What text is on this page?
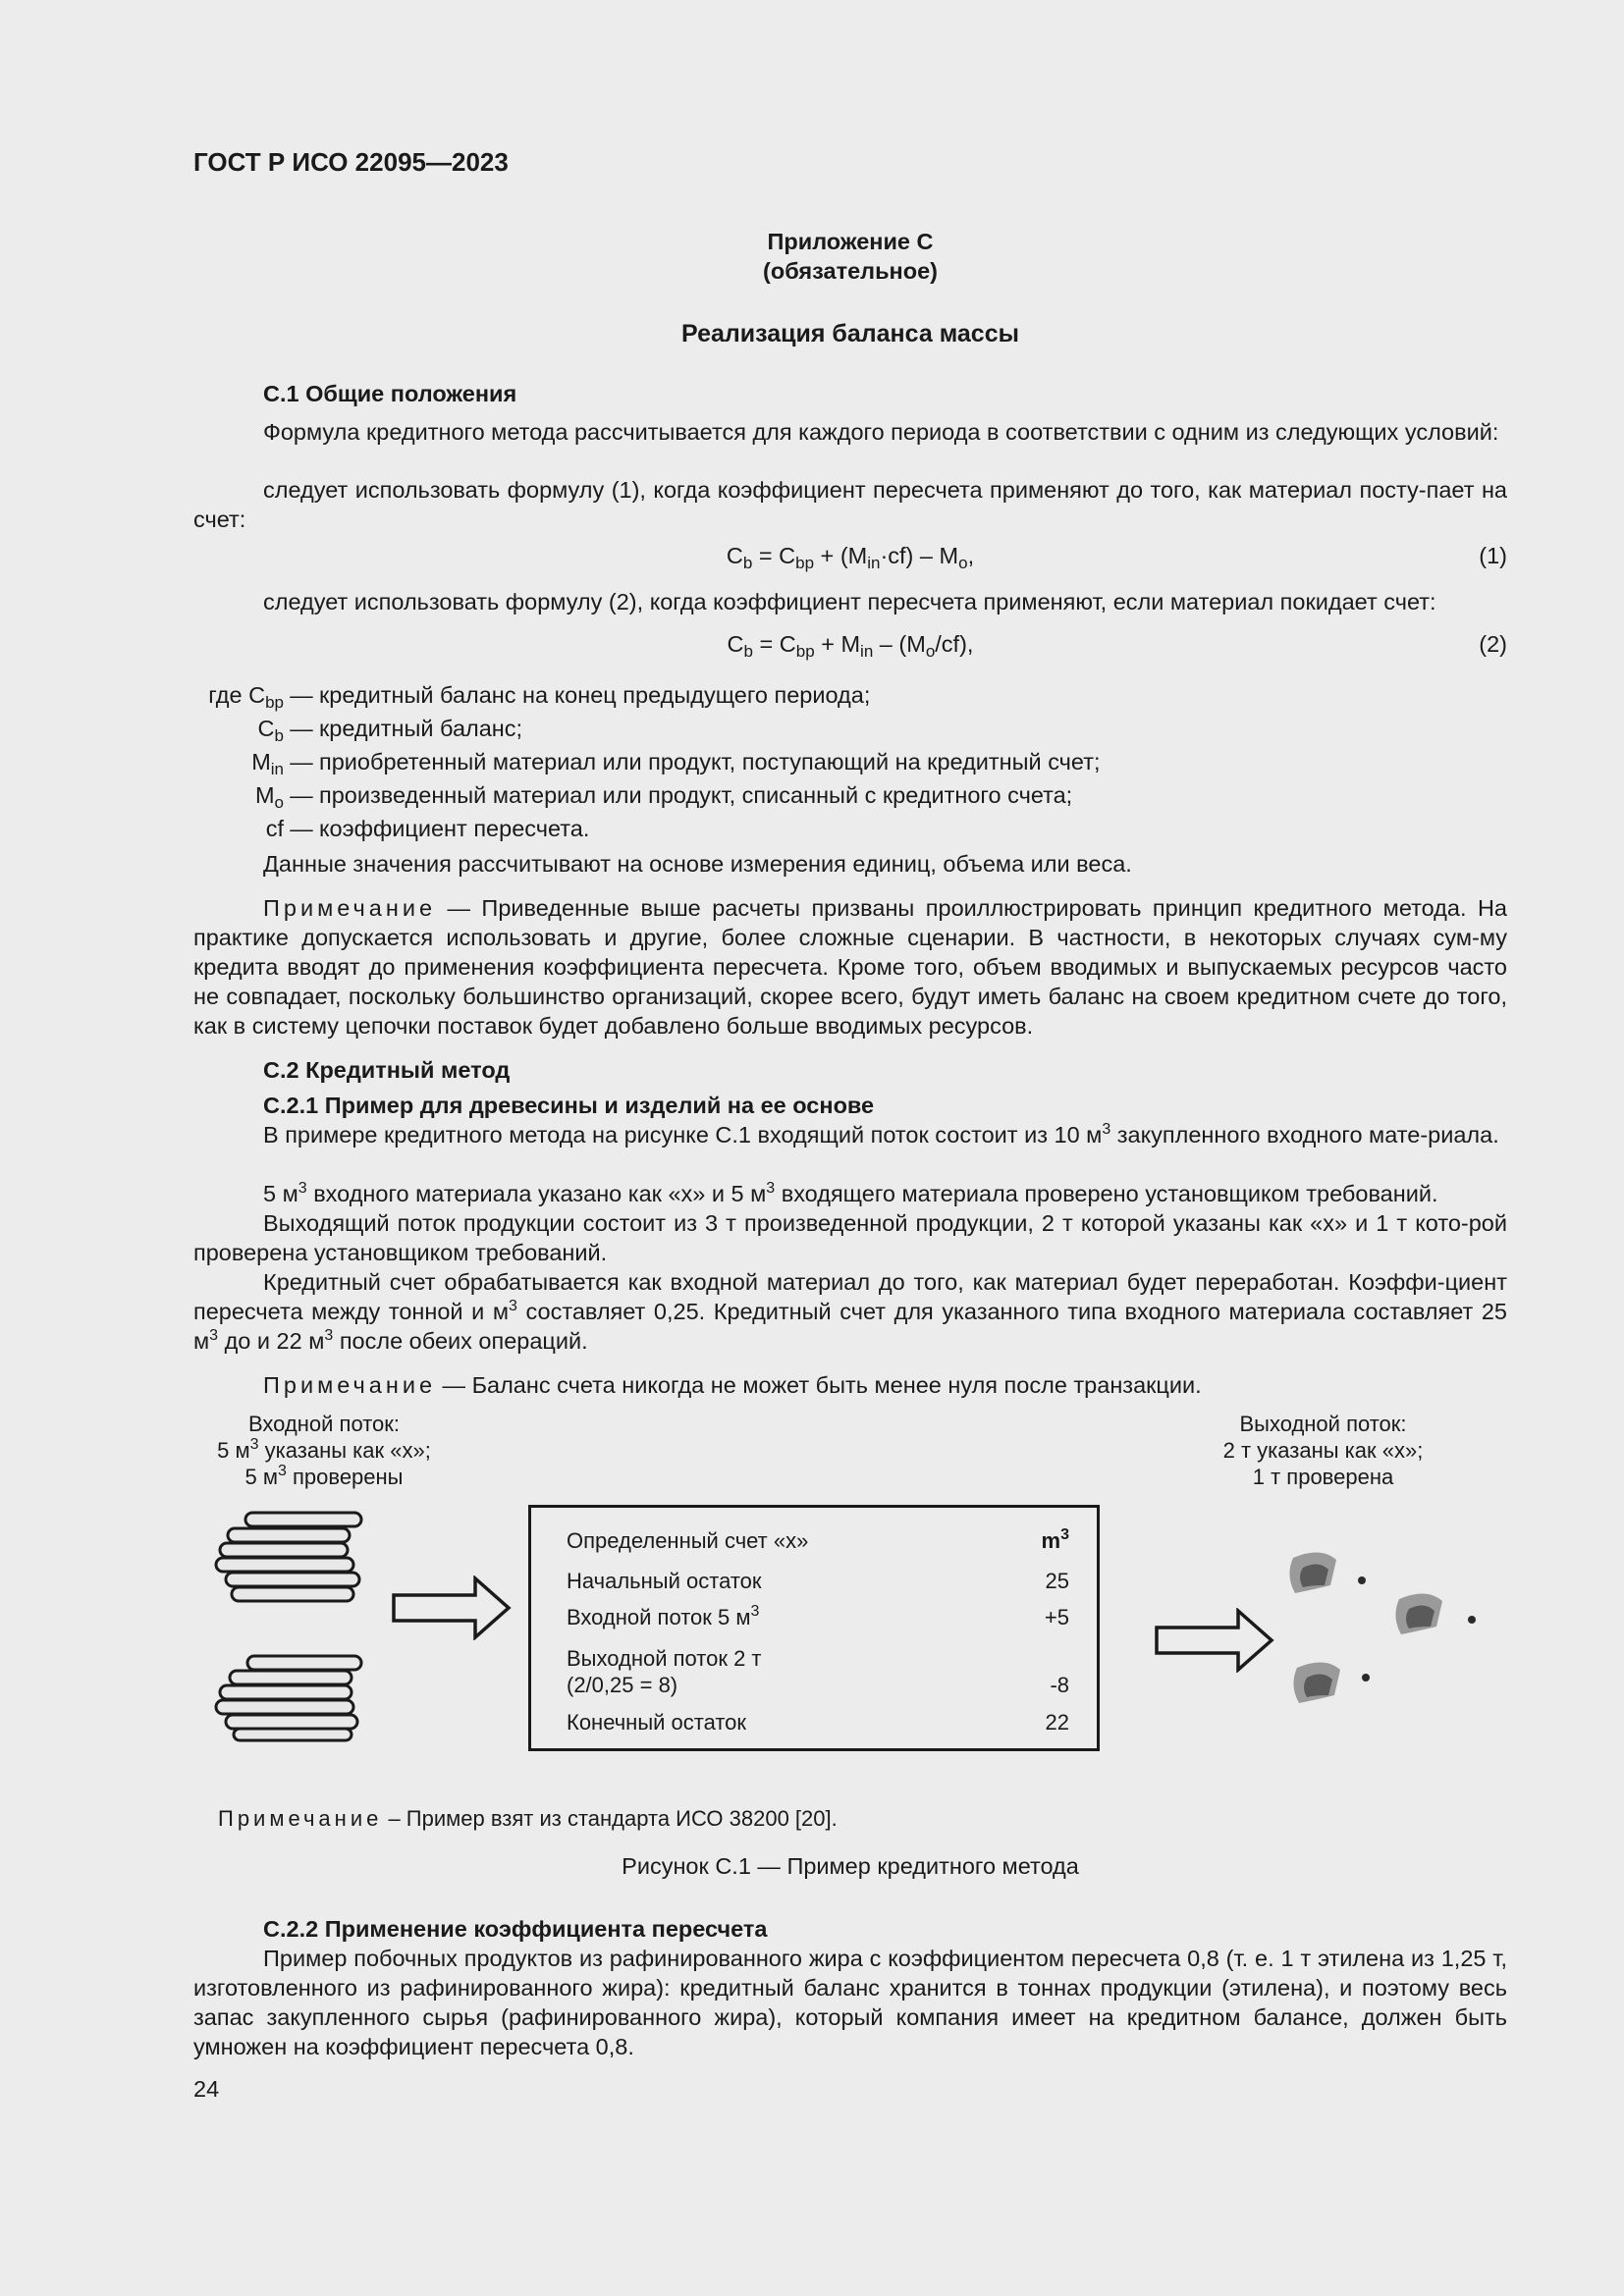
ГОСТ Р ИСО 22095—2023
Приложение С
(обязательное)
Реализация баланса массы
С.1 Общие положения
Формула кредитного метода рассчитывается для каждого периода в соответствии с одним из следующих условий:
следует использовать формулу (1), когда коэффициент пересчета применяют до того, как материал посту-пает на счет:
$C_b = C_{bp} + (M_{in}\cdot cf) - M_o$,	(1)
следует использовать формулу (2), когда коэффициент пересчета применяют, если материал покидает счет:
$C_b = C_{bp} + M_{in} - (M_o/cf)$,	(2)
где $C_{bp}$ — кредитный баланс на конец предыдущего периода;
$C_b$ — кредитный баланс;
$M_{in}$ — приобретенный материал или продукт, поступающий на кредитный счет;
$M_o$ — произведенный материал или продукт, списанный с кредитного счета;
cf — коэффициент пересчета.
Данные значения рассчитывают на основе измерения единиц, объема или веса.
Примечание — Приведенные выше расчеты призваны проиллюстрировать принцип кредитного метода. На практике допускается использовать и другие, более сложные сценарии. В частности, в некоторых случаях сум-му кредита вводят до применения коэффициента пересчета. Кроме того, объем вводимых и выпускаемых ресурсов часто не совпадает, поскольку большинство организаций, скорее всего, будут иметь баланс на своем кредитном счете до того, как в систему цепочки поставок будет добавлено больше вводимых ресурсов.
С.2 Кредитный метод
С.2.1 Пример для древесины и изделий на ее основе
В примере кредитного метода на рисунке С.1 входящий поток состоит из 10 $м^3$ закупленного входного мате-риала.
5 $м^3$ входного материала указано как «х» и 5 $м^3$ входящего материала проверено установщиком требований.
Выходящий поток продукции состоит из 3 т произведенной продукции, 2 т которой указаны как «х» и 1 т кото-рой проверена установщиком требований.
Кредитный счет обрабатывается как входной материал до того, как материал будет переработан. Коэффи-циент пересчета между тонной и $м^3$ составляет 0,25. Кредитный счет для указанного типа входного материала составляет 25 $м^3$ до и 22 $м^3$ после обеих операций.
Примечание — Баланс счета никогда не может быть менее нуля после транзакции.
Входной поток:
5 $м^3$ указаны как «х»;
5 $м^3$ проверены
Выходной поток:
2 т указаны как «х»;
1 т проверена
Определенный счет «х»	$m^3$
Начальный остаток	25
Входной поток 5 $м^3$	+5
Выходной поток 2 т
(2/0,25 = 8)	-8
Конечный остаток	22
Примечание – Пример взят из стандарта ИСО 38200 [20].
Рисунок С.1 — Пример кредитного метода
С.2.2 Применение коэффициента пересчета
Пример побочных продуктов из рафинированного жира с коэффициентом пересчета 0,8 (т. е. 1 т этилена из 1,25 т, изготовленного из рафинированного жира): кредитный баланс хранится в тоннах продукции (этилена), и поэтому весь запас закупленного сырья (рафинированного жира), который компания имеет на кредитном балансе, должен быть умножен на коэффициент пересчета 0,8.
24
